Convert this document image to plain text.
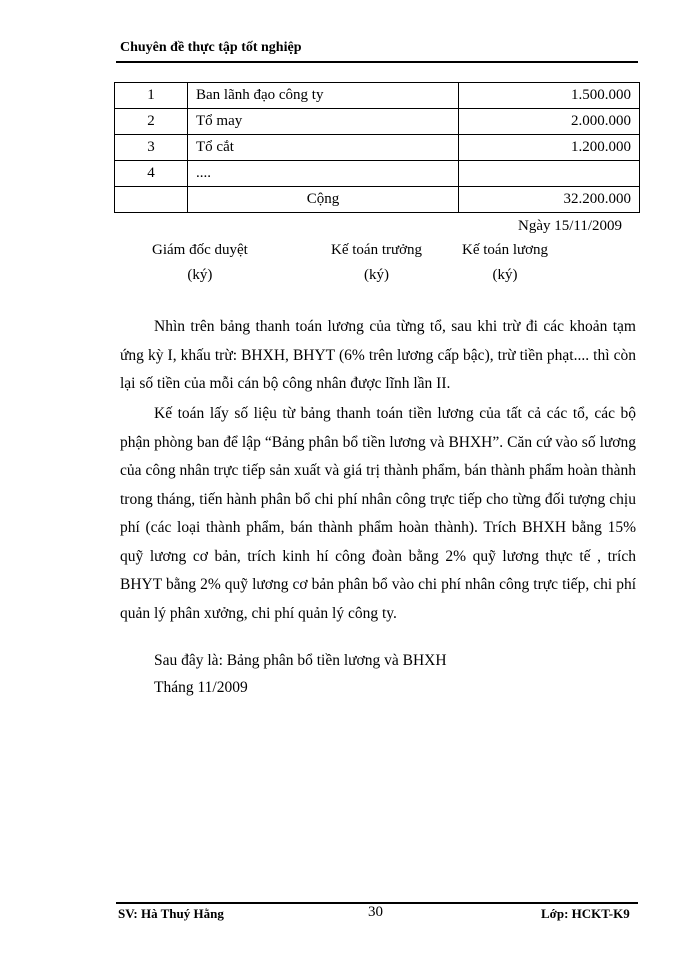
Chuyên đề thực tập tốt nghiệp
1	Ban lãnh đạo công ty	1.500.000
2	Tổ may	2.000.000
3	Tổ cắt	1.200.000
4	....	
	Cộng	32.200.000
Ngày 15/11/2009
Giám đốc duyệt
(ký)
Kế toán trưởng
(ký)
Kế toán lương
(ký)

Nhìn trên bảng thanh toán lương của từng tổ, sau khi trừ đi các khoản tạm ứng kỳ I, khấu trừ: BHXH, BHYT (6% trên lương cấp bậc), trừ tiền phạt.... thì còn lại số tiền của mỗi cán bộ công nhân được lĩnh lần II.

Kế toán lấy số liệu từ bảng thanh toán tiền lương của tất cả các tổ, các bộ phận phòng ban để lập “Bảng phân bổ tiền lương và BHXH”. Căn cứ vào số lương của công nhân trực tiếp sản xuất và giá trị thành phẩm, bán thành phẩm hoàn thành trong tháng, tiến hành phân bổ chi phí nhân công trực tiếp cho từng đối tượng chịu phí (các loại thành phẩm, bán thành phẩm hoàn thành). Trích BHXH bằng 15% quỹ lương cơ bản, trích kinh hí công đoàn bằng 2% quỹ lương thực tế , trích BHYT bằng 2% quỹ lương cơ bản phân bổ vào chi phí nhân công trực tiếp, chi phí quản lý phân xưởng, chi phí quản lý công ty.

Sau đây là: Bảng phân bổ tiền lương và BHXH

Tháng 11/2009

SV: Hà Thuý Hằng	30	Lớp: HCKT-K9
